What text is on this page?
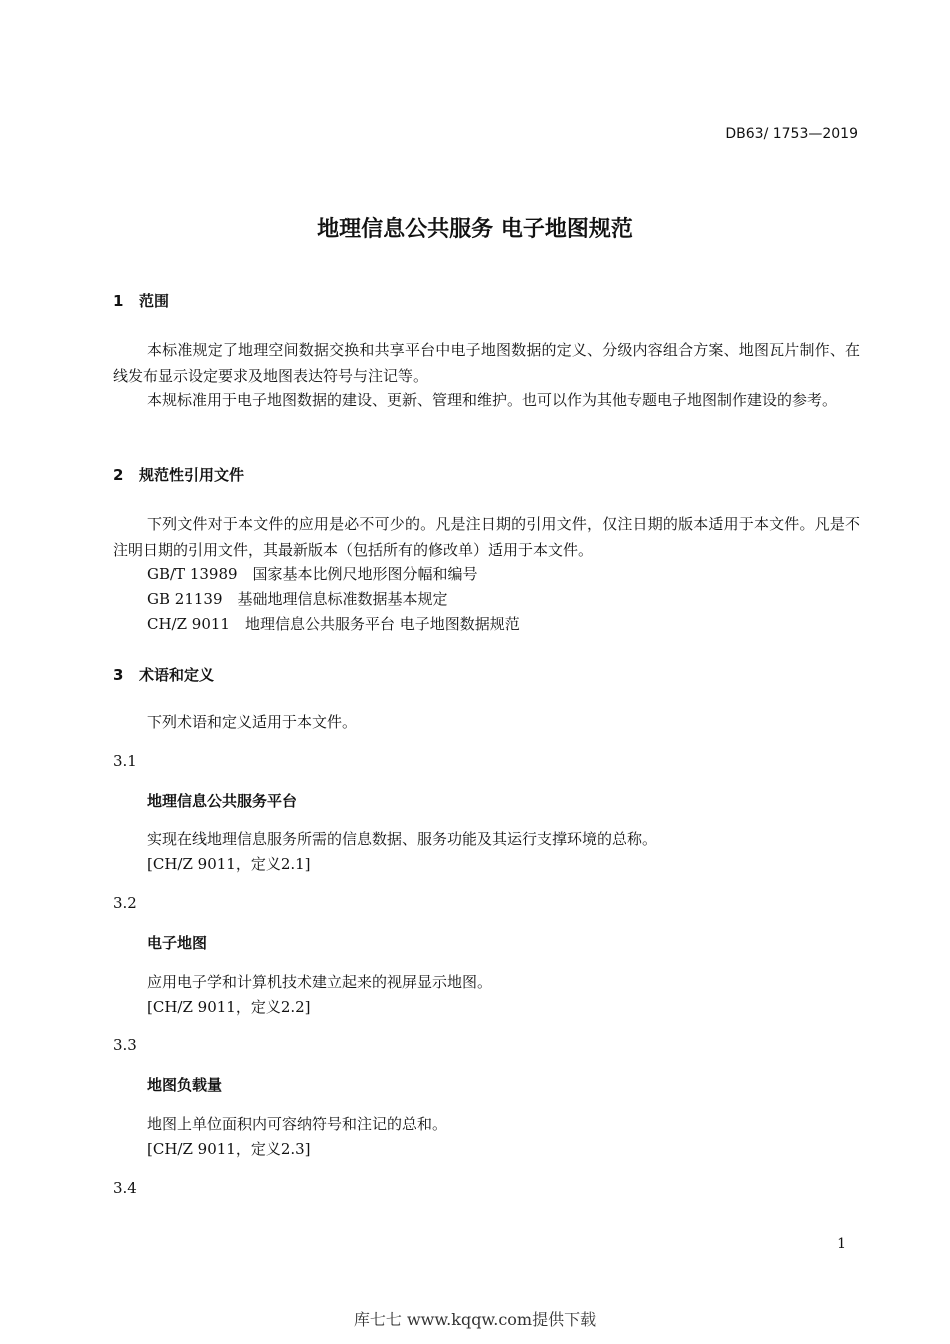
DB63/ 1753—2019
地理信息公共服务 电子地图规范
1 范围
本标准规定了地理空间数据交换和共享平台中电子地图数据的定义、分级内容组合方案、地图瓦片制作、在线发布显示设定要求及地图表达符号与注记等。
本规标准用于电子地图数据的建设、更新、管理和维护。也可以作为其他专题电子地图制作建设的参考。
2 规范性引用文件
下列文件对于本文件的应用是必不可少的。凡是注日期的引用文件，仅注日期的版本适用于本文件。凡是不注明日期的引用文件，其最新版本（包括所有的修改单）适用于本文件。
GB/T 13989　国家基本比例尺地形图分幅和编号
GB 21139　基础地理信息标准数据基本规定
CH/Z 9011　地理信息公共服务平台 电子地图数据规范
3 术语和定义
下列术语和定义适用于本文件。
3.1
地理信息公共服务平台
实现在线地理信息服务所需的信息数据、服务功能及其运行支撑环境的总称。
[CH/Z 9011，定义2.1]
3.2
电子地图
应用电子学和计算机技术建立起来的视屏显示地图。
[CH/Z 9011，定义2.2]
3.3
地图负载量
地图上单位面积内可容纳符号和注记的总和。
[CH/Z 9011，定义2.3]
3.4
1
库七七 www.kqqw.com提供下载
